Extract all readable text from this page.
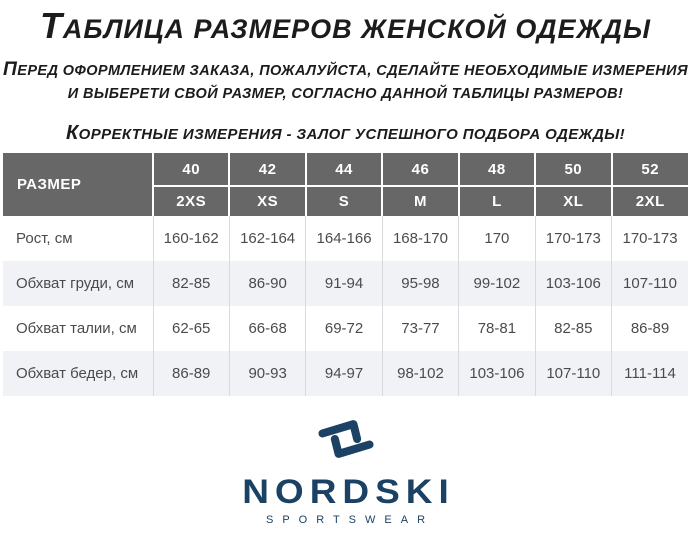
ТАБЛИЦА РАЗМЕРОВ ЖЕНСКОЙ ОДЕЖДЫ
ПЕРЕД ОФОРМЛЕНИЕМ ЗАКАЗА, ПОЖАЛУЙСТА, СДЕЛАЙТЕ НЕОБХОДИМЫЕ ИЗМЕРЕНИЯ
И ВЫБЕРЕТИ СВОЙ РАЗМЕР, СОГЛАСНО ДАННОЙ ТАБЛИЦЫ РАЗМЕРОВ!
КОРРЕКТНЫЕ ИЗМЕРЕНИЯ - ЗАЛОГ УСПЕШНОГО ПОДБОРА ОДЕЖДЫ!
РАЗМЕР	40	42	44	46	48	50	52
	2XS	XS	S	M	L	XL	2XL
Рост, см	160-162	162-164	164-166	168-170	170	170-173	170-173
Обхват груди, см	82-85	86-90	91-94	95-98	99-102	103-106	107-110
Обхват талии, см	62-65	66-68	69-72	73-77	78-81	82-85	86-89
Обхват бедер, см	86-89	90-93	94-97	98-102	103-106	107-110	111-114
NORDSKI
SPORTSWEAR
